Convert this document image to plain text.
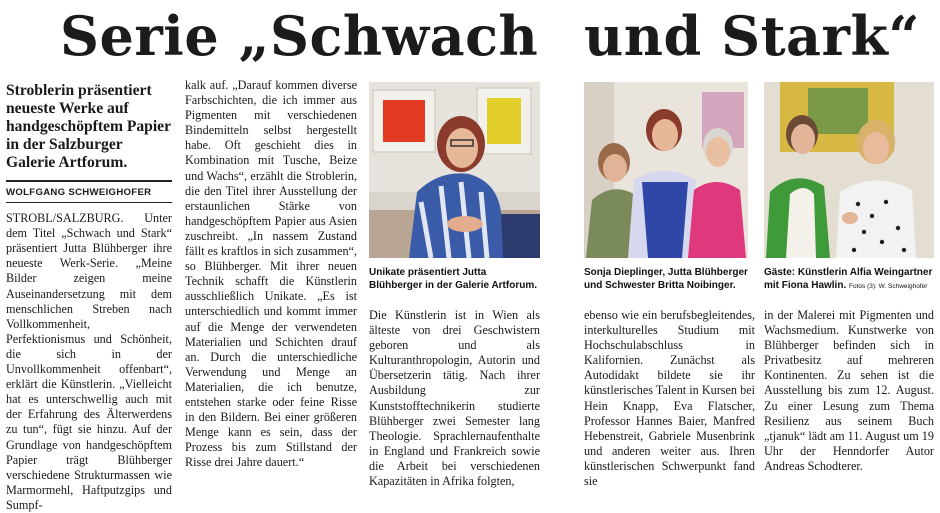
Serie „Schwach und Stark“

Stroblerin präsentiert neueste Werke auf handgeschöpftem Papier in der Salzburger Galerie Artforum.

WOLFGANG SCHWEIGHOFER

STROBL/SALZBURG. Unter dem Titel „Schwach und Stark“ präsentiert Jutta Blühberger ihre neueste Werk-Serie. „Meine Bilder zeigen meine Auseinandersetzung mit dem menschlichen Streben nach Vollkommenheit, Perfektionismus und Schönheit, die sich in der Unvollkommenheit offenbart“, erklärt die Künstlerin. „Vielleicht hat es unterschwellig auch mit der Erfahrung des Älterwerdens zu tun“, fügt sie hinzu. Auf der Grundlage von handgeschöpftem Papier trägt Blühberger verschiedene Strukturmassen wie Marmormehl, Haftputzgips und Sumpf-

kalk auf. „Darauf kommen diverse Farbschichten, die ich immer aus Pigmenten mit verschiedenen Bindemitteln selbst hergestellt habe. Oft geschieht dies in Kombination mit Tusche, Beize und Wachs“, erzählt die Stroblerin, die den Titel ihrer Ausstellung der erstaunlichen Stärke von handgeschöpftem Papier aus Asien zuschreibt. „In nassem Zustand fällt es kraftlos in sich zusammen“, so Blühberger. Mit ihrer neuen Technik schafft die Künstlerin ausschließlich Unikate. „Es ist unterschiedlich und kommt immer auf die Menge der verwendeten Materialien und Schichten drauf an. Durch die unterschiedliche Verwendung und Menge an Materialien, die ich benutze, entstehen starke oder feine Risse in den Bildern. Bei einer größeren Menge kann es sein, dass der Prozess bis zum Stillstand der Risse drei Jahre dauert.“

Unikate präsentiert Jutta Blühberger in der Galerie Artforum.
Sonja Dieplinger, Jutta Blühberger und Schwester Britta Noibinger.
Gäste: Künstlerin Alfia Weingartner mit Fiona Hawlin. Fotos (3): W. Schweighofer

Die Künstlerin ist in Wien als älteste von drei Geschwistern geboren und als Kulturanthropologin, Autorin und Übersetzerin tätig. Nach ihrer Ausbildung zur Kunststofftechnikerin studierte Blühberger zwei Semester lang Theologie. Sprachlernaufenthalte in England und Frankreich sowie die Arbeit bei verschiedenen Kapazitäten in Afrika folgten,

ebenso wie ein berufsbegleitendes, interkulturelles Studium mit Hochschulabschluss in Kalifornien. Zunächst als Autodidakt bildete sie ihr künstlerisches Talent in Kursen bei Hein Knapp, Eva Flatscher, Professor Hannes Baier, Manfred Hebenstreit, Gabriele Musenbrink und anderen weiter aus. Ihren künstlerischen Schwerpunkt fand sie

in der Malerei mit Pigmenten und Wachsmedium. Kunstwerke von Blühberger befinden sich in Privatbesitz auf mehreren Kontinenten. Zu sehen ist die Ausstellung bis zum 12. August. Zu einer Lesung zum Thema Resilienz aus seinem Buch „tjanuk“ lädt am 11. August um 19 Uhr der Henndorfer Autor Andreas Schodterer.
